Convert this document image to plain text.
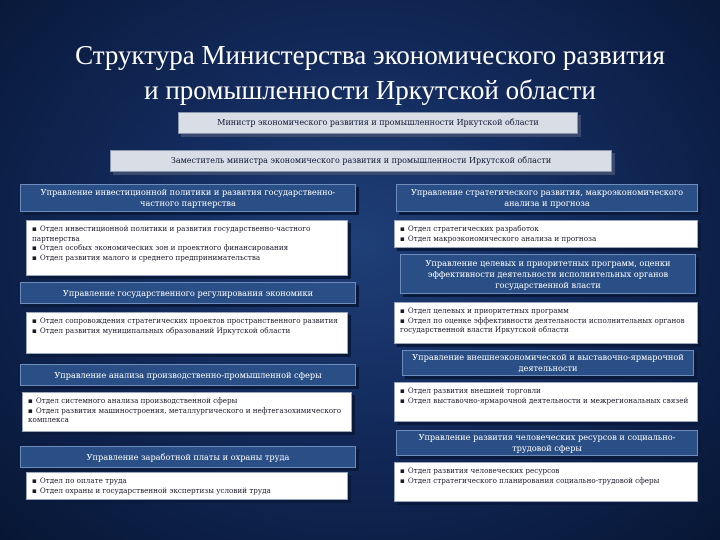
Структура Министерства экономического развития
и промышленности Иркутской области
Министр экономического развития и промышленности Иркутской области
Заместитель министра экономического развития и промышленности Иркутской области
Управление инвестиционной политики и развития государственно-частного партнерства
▪ Отдел инвестиционной политики и развития государственно-частного партнерства
▪ Отдел особых экономических зон и проектного финансирования
▪ Отдел развития малого и среднего предпринимательства
Управление государственного регулирования экономики
▪ Отдел сопровождения стратегических проектов пространственного развития
▪ Отдел развития муниципальных образований Иркутской области
Управление анализа производственно-промышленной сферы
▪ Отдел системного анализа производственной сферы
▪ Отдел развития машиностроения, металлургического и нефтегазохимического комплекса
Управление заработной платы и охраны труда
▪ Отдел по оплате труда
▪ Отдел охраны и государственной экспертизы условий труда
Управление стратегического развития, макроэкономического анализа и прогноза
▪ Отдел стратегических разработок
▪ Отдел макроэкономического анализа и прогноза
Управление целевых и приоритетных программ, оценки эффективности деятельности исполнительных органов государственной власти
▪ Отдел целевых и приоритетных программ
▪ Отдел по оценке эффективности деятельности исполнительных органов государственной власти Иркутской области
Управление внешнеэкономической и выставочно-ярмарочной деятельности
▪ Отдел развития внешней торговли
▪ Отдел выставочно-ярмарочной деятельности и межрегиональных связей
Управление развития человеческих ресурсов и социально-трудовой сферы
▪ Отдел развития человеческих ресурсов
▪ Отдел стратегического планирования социально-трудовой сферы
